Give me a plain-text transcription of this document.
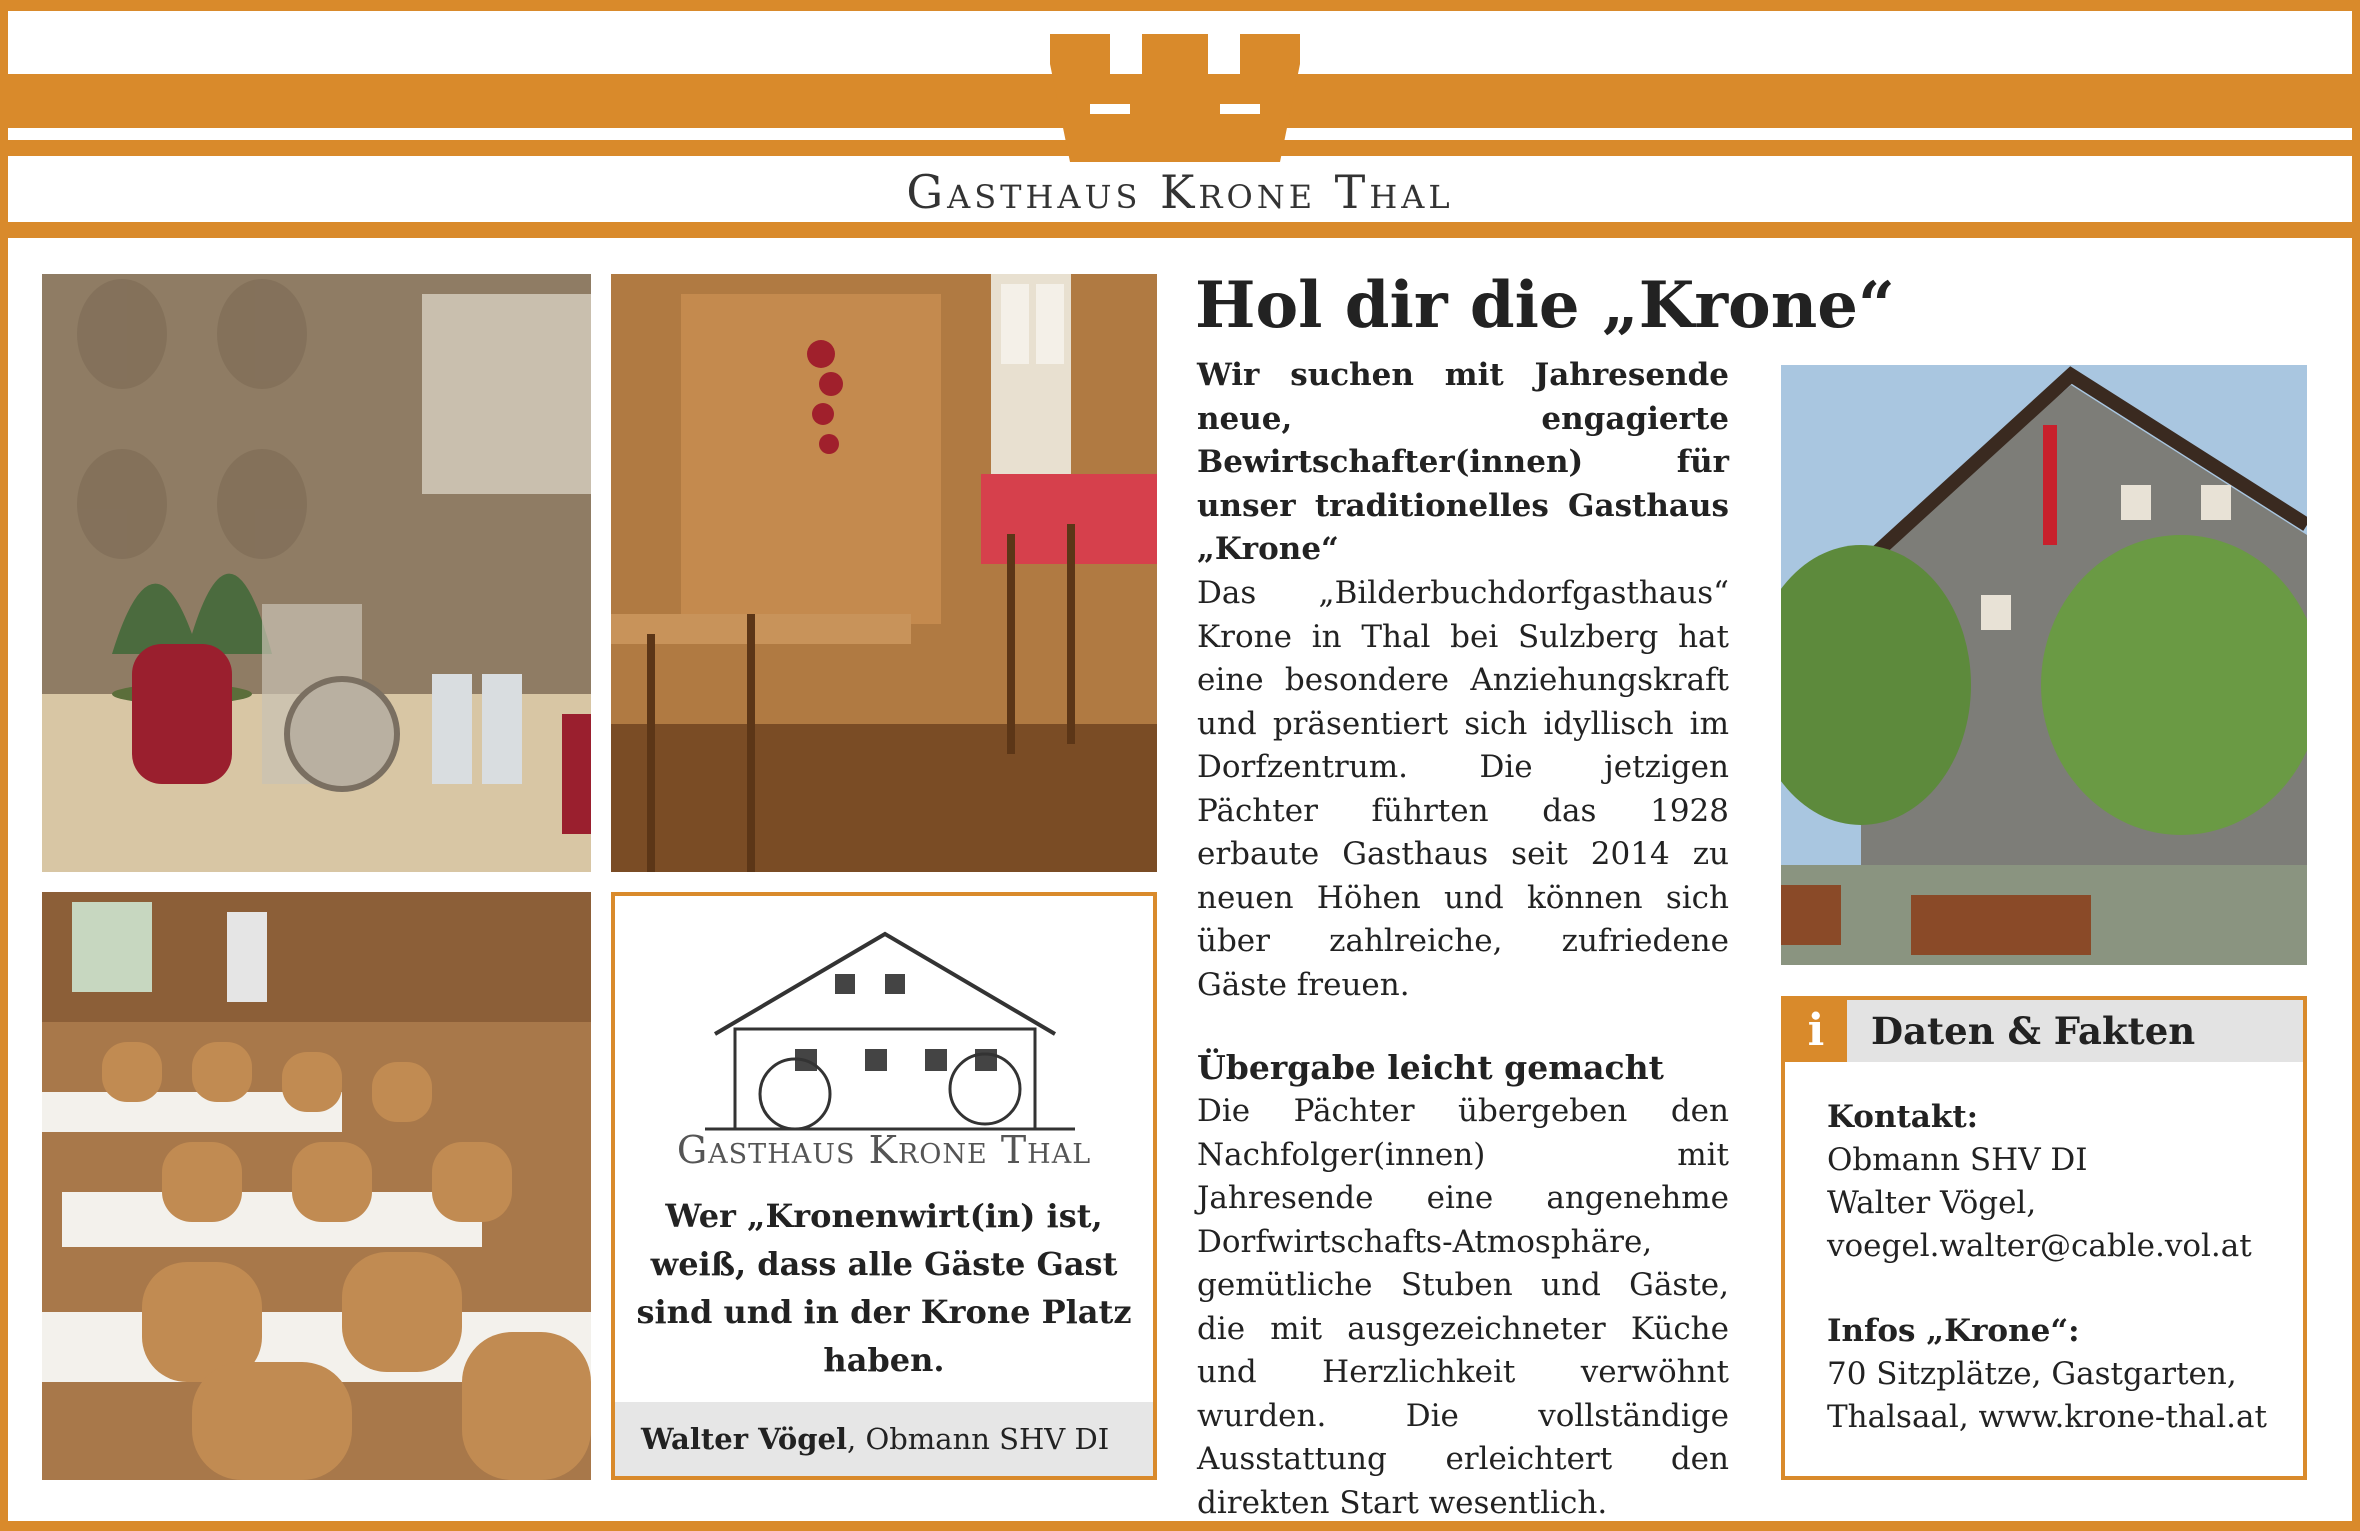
Gasthaus Krone Thal
Gasthaus Krone Thal
Wer „Kronenwirt(in) ist, weiß, dass alle Gäste Gast sind und in der Krone Platz haben.
Walter Vögel, Obmann SHV DI
Hol dir die „Krone“
Wir suchen mit Jahresende neue, engagierte Bewirtschafter(innen) für unser traditionelles Gasthaus „Krone“
Das „Bilderbuchdorfgasthaus“ Krone in Thal bei Sulzberg hat eine besondere Anziehungskraft und präsentiert sich idyllisch im Dorfzentrum. Die jetzigen Pächter führten das 1928 erbaute Gasthaus seit 2014 zu neuen Höhen und können sich über zahlreiche, zufriedene Gäste freuen.
Übergabe leicht gemacht
Die Pächter übergeben den Nachfolger(innen) mit Jahresende eine angenehme Dorfwirtschafts-Atmosphäre, gemütliche Stuben und Gäste, die mit ausgezeichneter Küche und Herzlichkeit verwöhnt wurden. Die vollständige Ausstattung erleichtert den direkten Start wesentlich.
i	Daten & Fakten
Kontakt:
Obmann SHV DI
Walter Vögel,
voegel.walter@cable.vol.at
Infos „Krone“:
70 Sitzplätze, Gastgarten,
Thalsaal, www.krone-thal.at
